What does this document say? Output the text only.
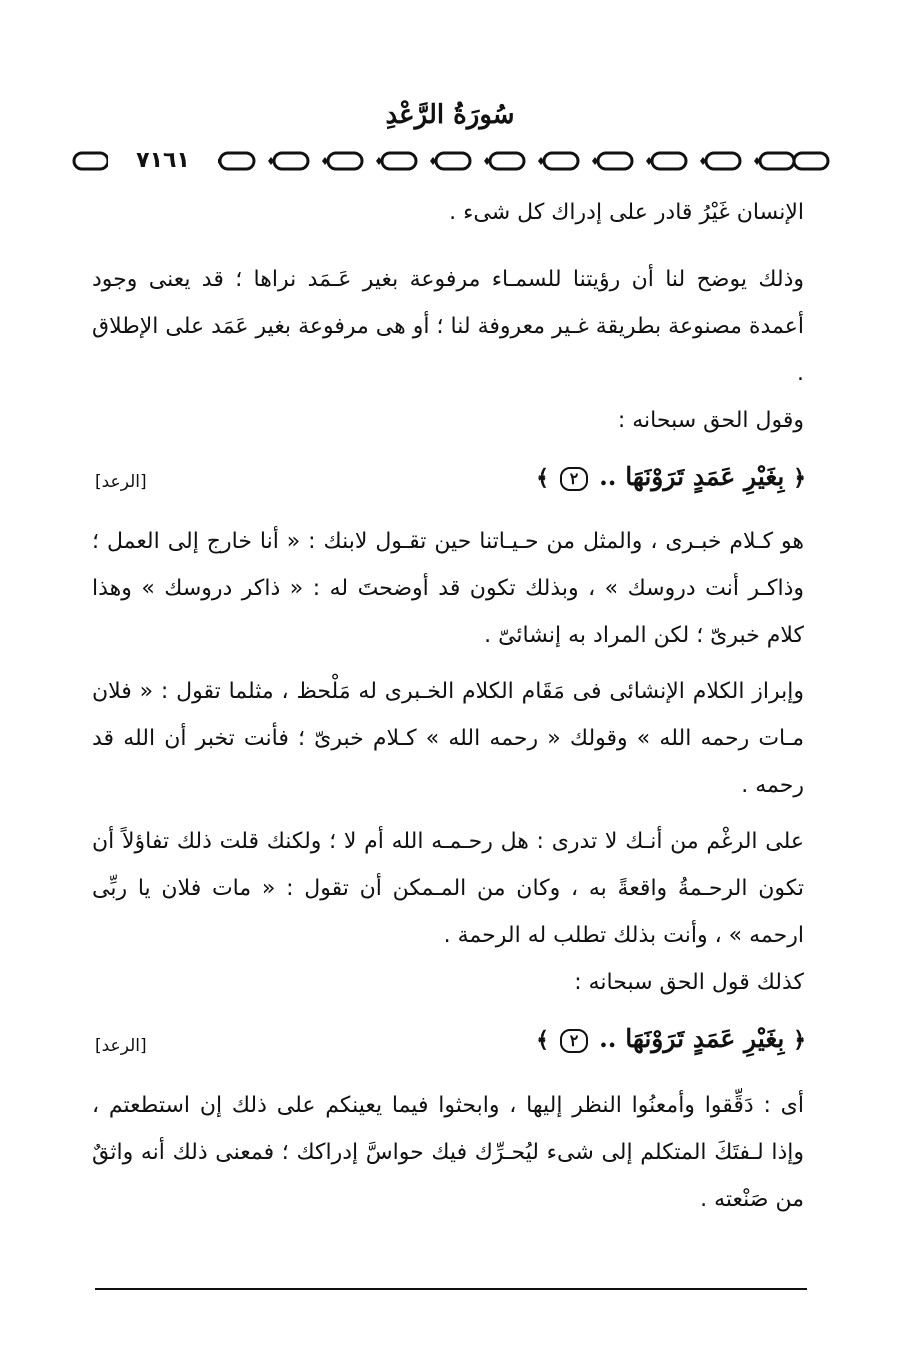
سُورَةُ الرَّعْدِ
٧١٦١
الإنسان غَيْرُ قادر على إدراك كل شىء .
وذلك يوضح لنا أن رؤيتنا للسمـاء مرفوعة بغير عَـمَد نراها ؛ قد يعنى وجود أعمدة مصنوعة بطريقة غـير معروفة لنا ؛ أو هى مرفوعة بغير عَمَد على الإطلاق .
وقول الحق سبحانه :
﴿ بِغَيْرِ عَمَدٍ تَرَوْنَهَا .. ٢ ﴾
[الرعد]
هو كـلام خبـرى ، والمثل من حـيـاتنا حين تقـول لابنك : « أنا خارج إلى العمل ؛ وذاكـر أنت دروسك » ، وبذلك تكون قد أوضحتَ له : « ذاكر دروسك » وهذا كلام خبرىّ ؛ لكن المراد به إنشائىّ .
وإبراز الكلام الإنشائى فى مَقَام الكلام الخـبرى له مَلْحظ ، مثلما تقول : « فلان مـات رحمه الله » وقولك « رحمه الله » كـلام خبرىّ ؛ فأنت تخبر أن الله قد رحمه .
على الرغْم من أنـك لا تدرى : هل رحـمـه الله أم لا ؛ ولكنك قلت ذلك تفاؤلاً أن تكون الرحـمةُ واقعةً به ، وكان من المـمكن أن تقول : « مات فلان يا ربِّى ارحمه » ، وأنت بذلك تطلب له الرحمة .
كذلك قول الحق سبحانه :
﴿ بِغَيْرِ عَمَدٍ تَرَوْنَهَا .. ٢ ﴾
[الرعد]
أى : دَقِّقوا وأمعنُوا النظر إليها ، وابحثوا فيما يعينكم على ذلك إن استطعتم ، وإذا لـفتَكَ المتكلم إلى شىء ليُحـرِّك فيك حواسَّ إدراكك ؛ فمعنى ذلك أنه واثقٌ من صَنْعته .
